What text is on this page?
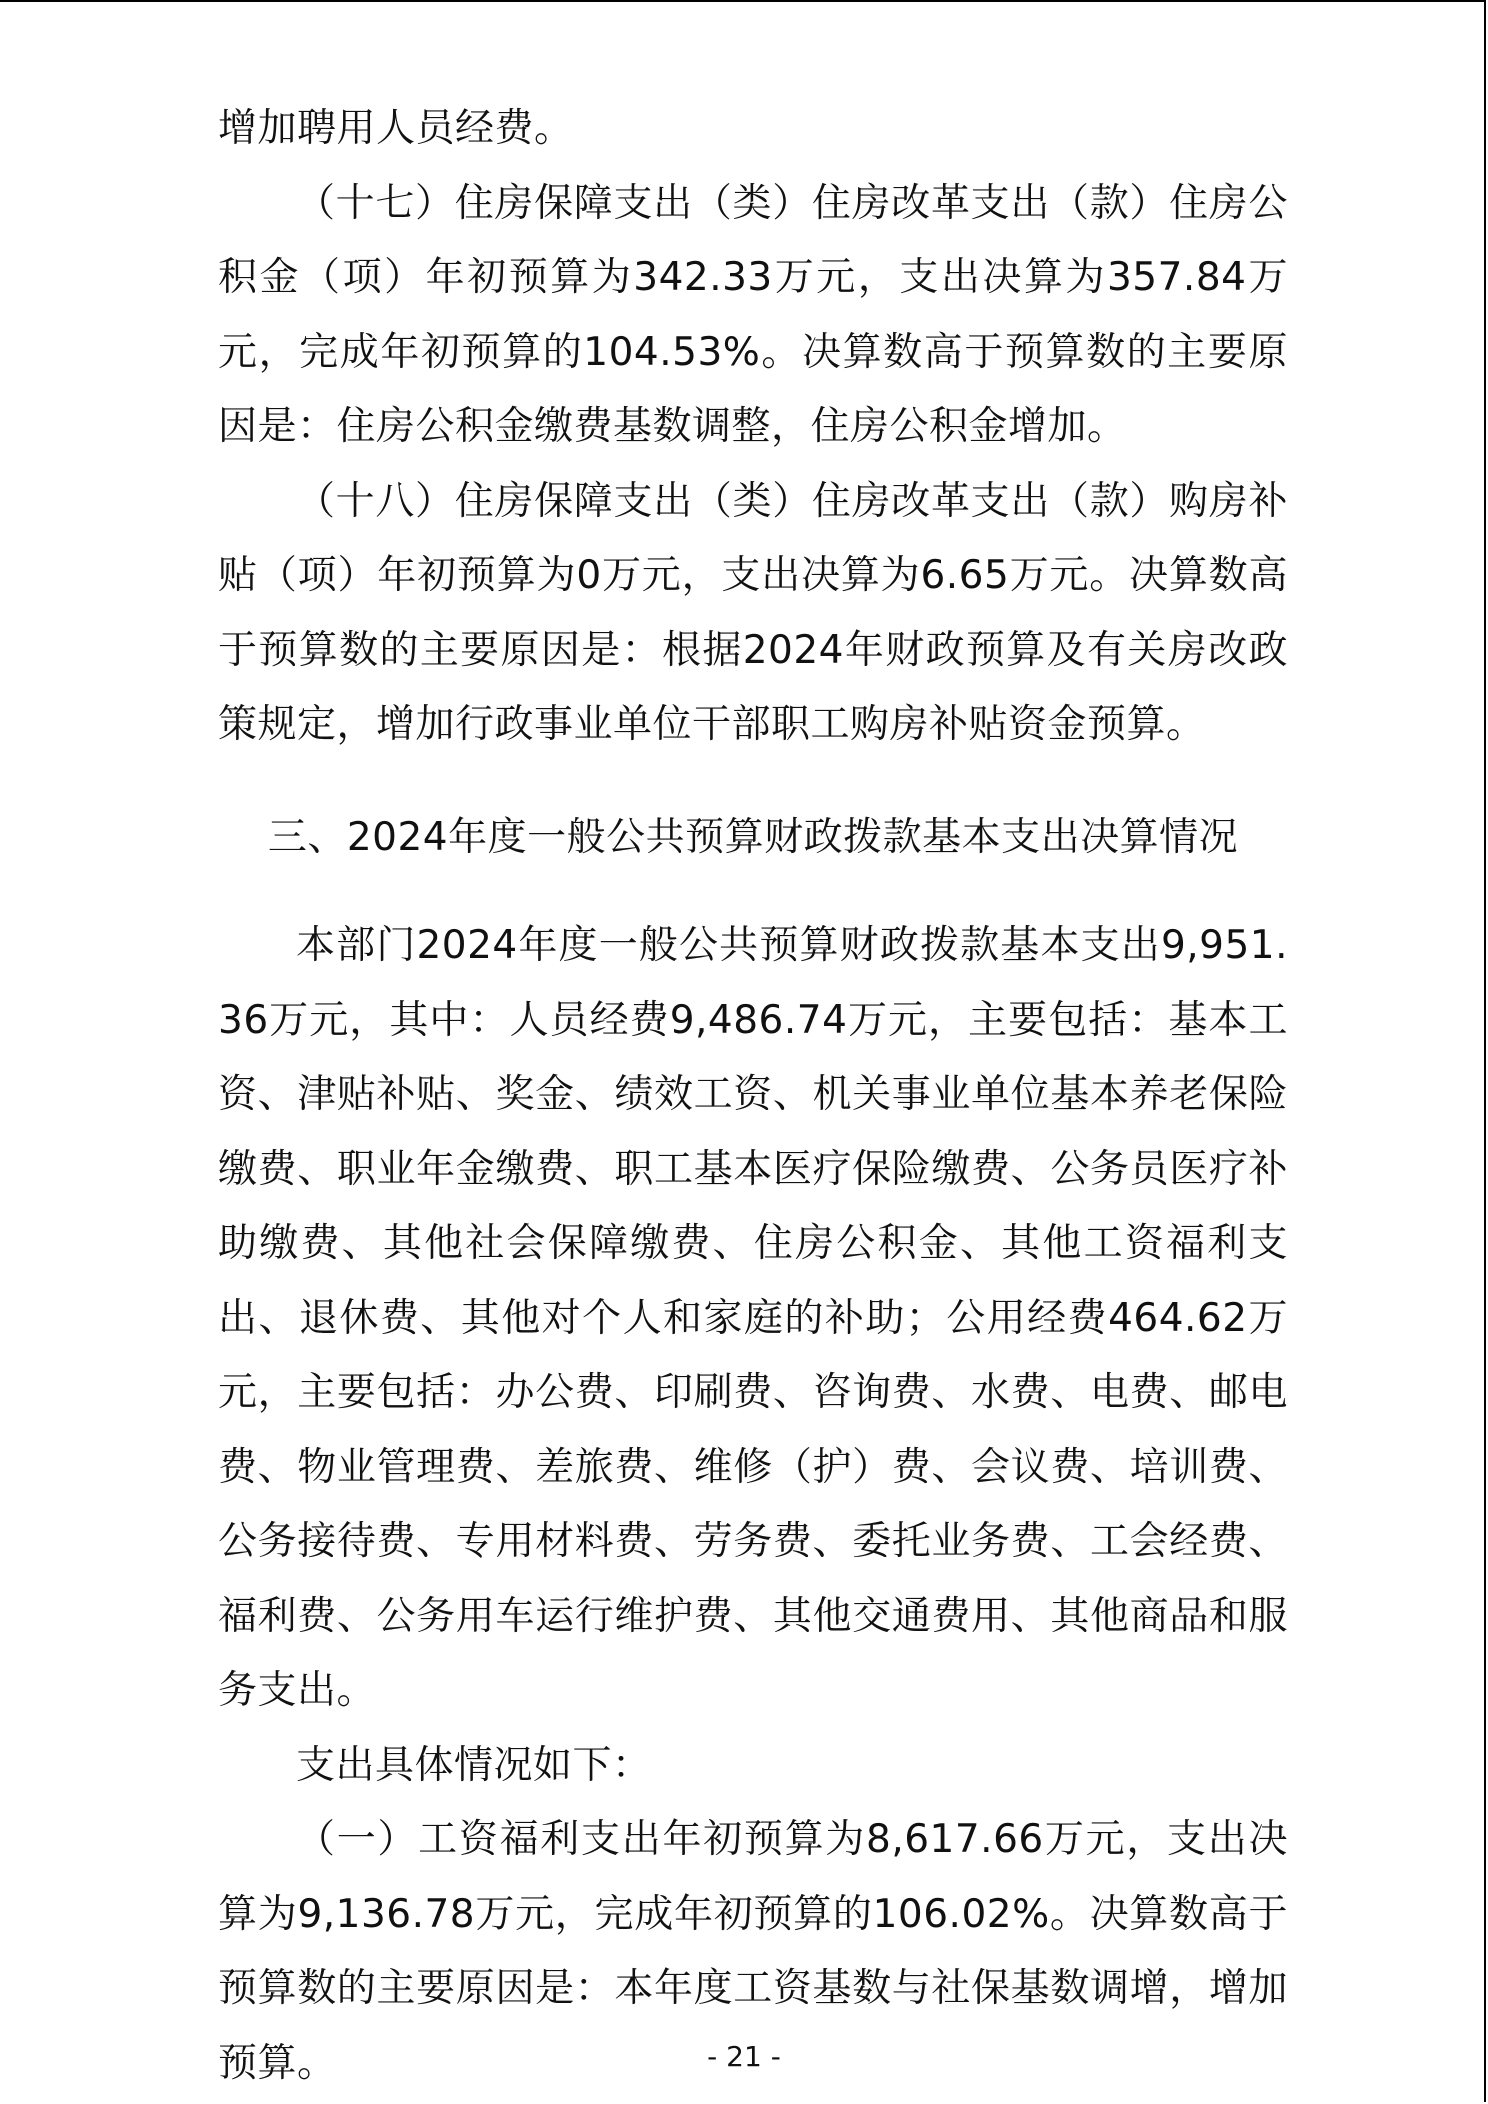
增加聘用人员经费。

（十七）住房保障支出（类）住房改革支出（款）住房公积金（项）年初预算为342.33万元，支出决算为357.84万元，完成年初预算的104.53%。决算数高于预算数的主要原因是：住房公积金缴费基数调整，住房公积金增加。

（十八）住房保障支出（类）住房改革支出（款）购房补贴（项）年初预算为0万元，支出决算为6.65万元。决算数高于预算数的主要原因是：根据2024年财政预算及有关房改政策规定，增加行政事业单位干部职工购房补贴资金预算。

三、2024年度一般公共预算财政拨款基本支出决算情况

本部门2024年度一般公共预算财政拨款基本支出9,951.36万元，其中：人员经费9,486.74万元，主要包括：基本工资、津贴补贴、奖金、绩效工资、机关事业单位基本养老保险缴费、职业年金缴费、职工基本医疗保险缴费、公务员医疗补助缴费、其他社会保障缴费、住房公积金、其他工资福利支出、退休费、其他对个人和家庭的补助；公用经费464.62万元，主要包括：办公费、印刷费、咨询费、水费、电费、邮电费、物业管理费、差旅费、维修（护）费、会议费、培训费、公务接待费、专用材料费、劳务费、委托业务费、工会经费、福利费、公务用车运行维护费、其他交通费用、其他商品和服务支出。

支出具体情况如下：

（一）工资福利支出年初预算为8,617.66万元，支出决算为9,136.78万元，完成年初预算的106.02%。决算数高于预算数的主要原因是：本年度工资基数与社保基数调增，增加预算。	- 21 -
